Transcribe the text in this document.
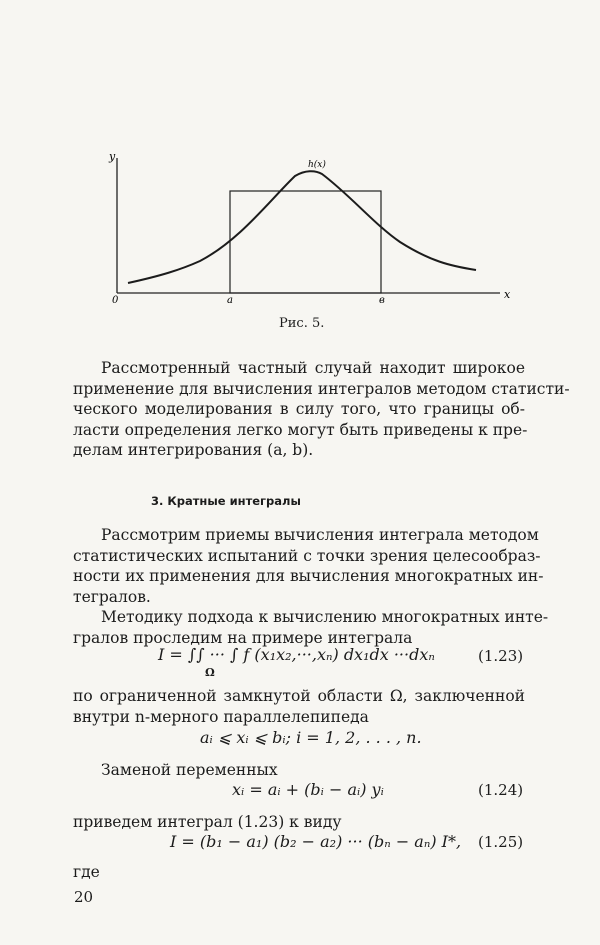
y
x
0	a	в
h(x)
Рис. 5.
Рассмотренный частный случай находит широкое
применение для вычисления интегралов методом статисти-
ческого моделирования в силу того, что границы об-
ласти определения легко могут быть приведены к пре-
делам интегрирования (a, b).
3. Кратные интегралы
Рассмотрим приемы вычисления интеграла методом
статистических испытаний с точки зрения целесообраз-
ности их применения для вычисления многократных ин-
тегралов.
Методику подхода к вычислению многократных инте-
гралов проследим на примере интеграла
I = ∫∫ ··· ∫ f (x₁x₂,···,xₙ) dx₁dx ···dxₙ
Ω
(1.23)
по ограниченной замкнутой области Ω, заключенной
внутри n-мерного параллелепипеда
aᵢ ⩽ xᵢ ⩽ bᵢ; i = 1, 2, . . . , n.
Заменой переменных
xᵢ = aᵢ + (bᵢ − aᵢ) yᵢ	(1.24)
приведем интеграл (1.23) к виду
I = (b₁ − a₁) (b₂ − a₂) ··· (bₙ − aₙ) I*, (1.25)
где
20
